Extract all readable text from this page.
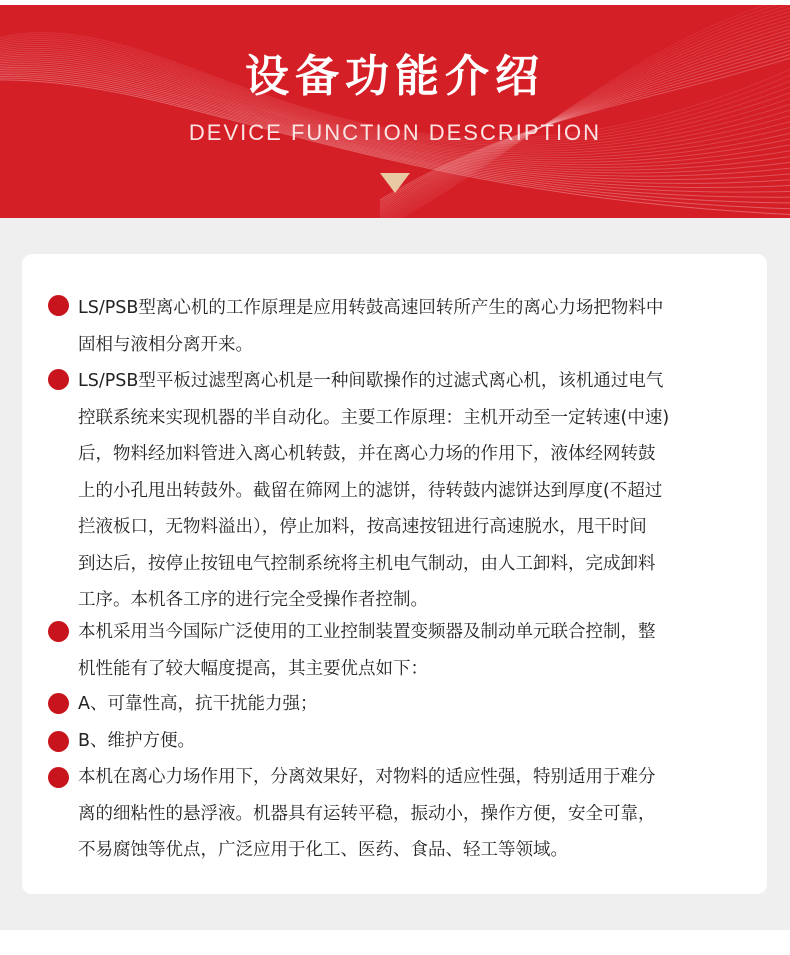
设备功能介绍
DEVICE FUNCTION DESCRIPTION
LS/PSB型离心机的工作原理是应用转鼓高速回转所产生的离心力场把物料中
固相与液相分离开来。
LS/PSB型平板过滤型离心机是一种间歇操作的过滤式离心机，该机通过电气
控联系统来实现机器的半自动化。主要工作原理：主机开动至一定转速(中速)
后，物料经加料管进入离心机转鼓，并在离心力场的作用下，液体经网转鼓
上的小孔甩出转鼓外。截留在筛网上的滤饼，待转鼓内滤饼达到厚度(不超过
拦液板口，无物料溢出），停止加料，按高速按钮进行高速脱水，甩干时间
到达后，按停止按钮电气控制系统将主机电气制动，由人工卸料，完成卸料
工序。本机各工序的进行完全受操作者控制。
本机采用当今国际广泛使用的工业控制装置变频器及制动单元联合控制，整
机性能有了较大幅度提高，其主要优点如下：
A、可靠性高，抗干扰能力强；
B、维护方便。
本机在离心力场作用下，分离效果好，对物料的适应性强，特别适用于难分
离的细粘性的悬浮液。机器具有运转平稳，振动小，操作方便，安全可靠，
不易腐蚀等优点，广泛应用于化工、医药、食品、轻工等领域。
